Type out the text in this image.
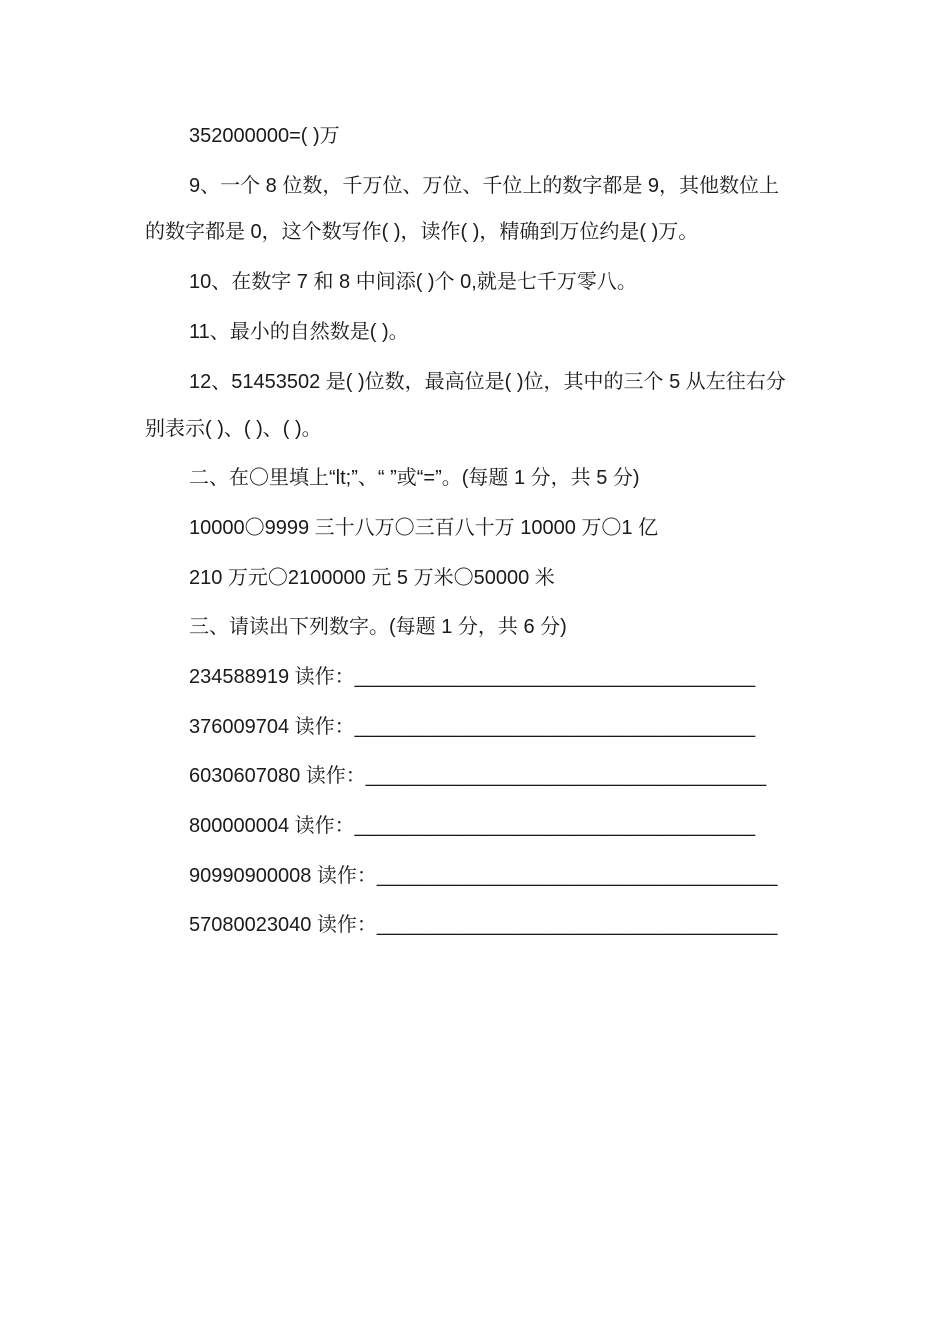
352000000=( )万
9、一个 8 位数，千万位、万位、千位上的数字都是 9，其他数位上
的数字都是 0，这个数写作( )，读作( )，精确到万位约是( )万。
10、在数字 7 和 8 中间添( )个 0,就是七千万零八。
11、最小的自然数是( )。
12、51453502 是( )位数，最高位是( )位，其中的三个 5 从左往右分
别表示( )、( )、( )。
二、在〇里填上“lt;”、“ ”或“=”。(每题 1 分，共 5 分)
10000〇9999 三十八万〇三百八十万 10000 万〇1 亿
210 万元〇2100000 元 5 万米〇50000 米
三、请读出下列数字。(每题 1 分，共 6 分)
234588919 读作：____________________________________
376009704 读作：____________________________________
6030607080 读作：____________________________________
800000004 读作：____________________________________
90990900008 读作：____________________________________
57080023040 读作：____________________________________
